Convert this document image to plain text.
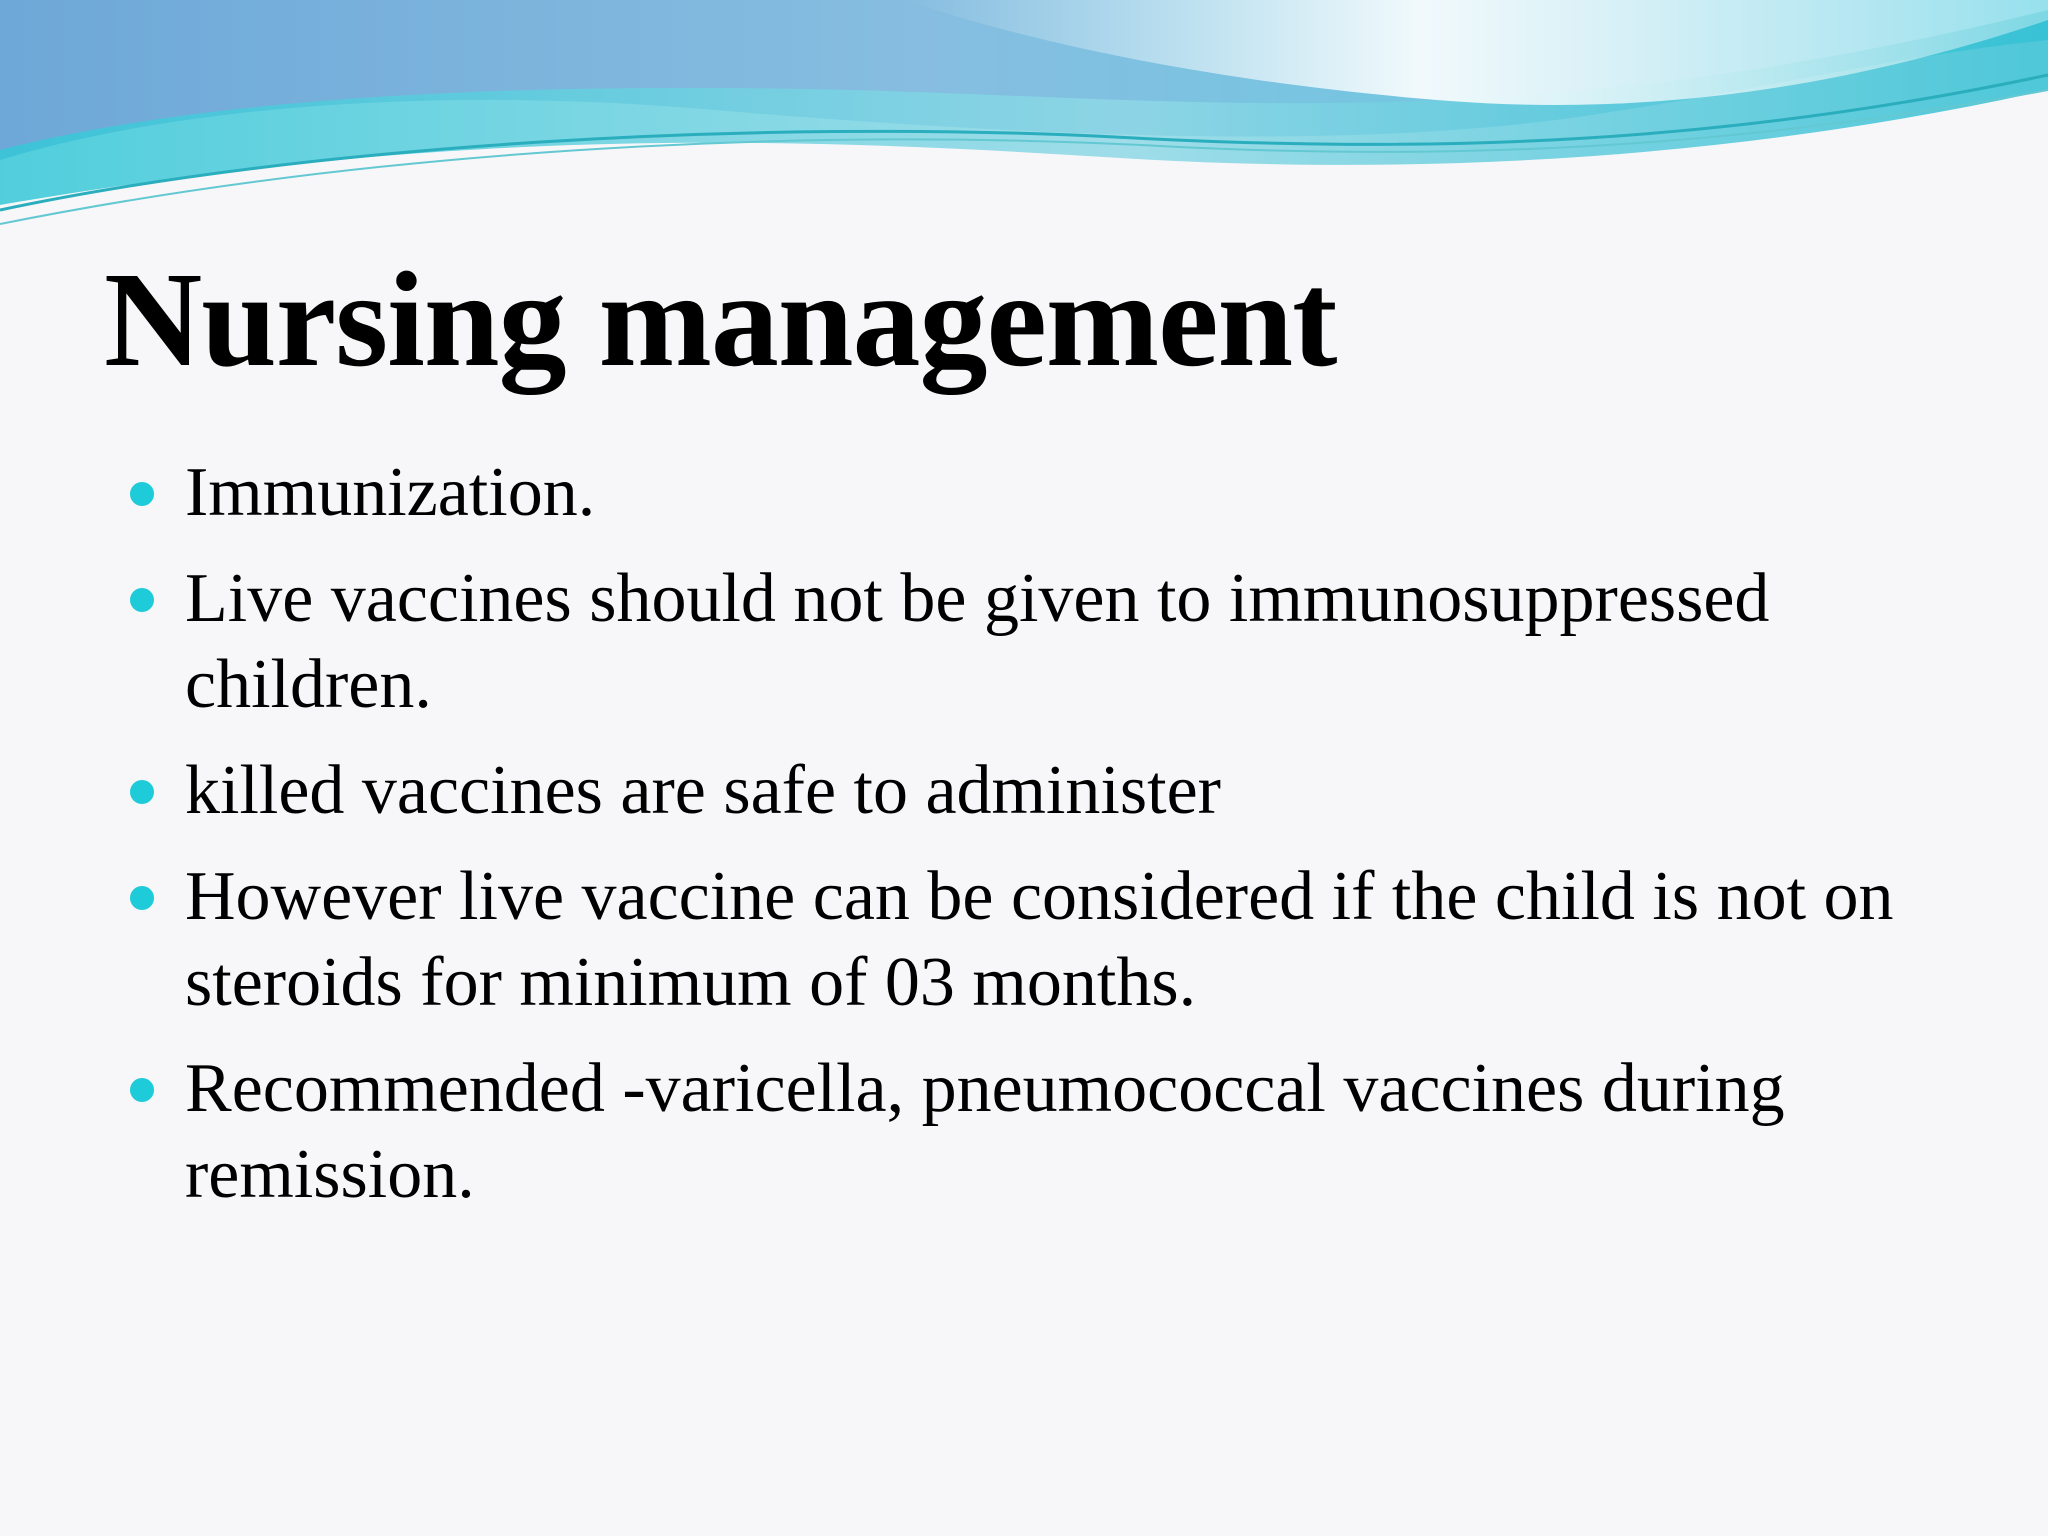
Nursing management
Immunization.
Live vaccines should not be given to immunosuppressed children.
killed vaccines are safe to administer
However live vaccine can be considered if the child is not on steroids for minimum of 03 months.
Recommended -varicella, pneumococcal vaccines during remission.
